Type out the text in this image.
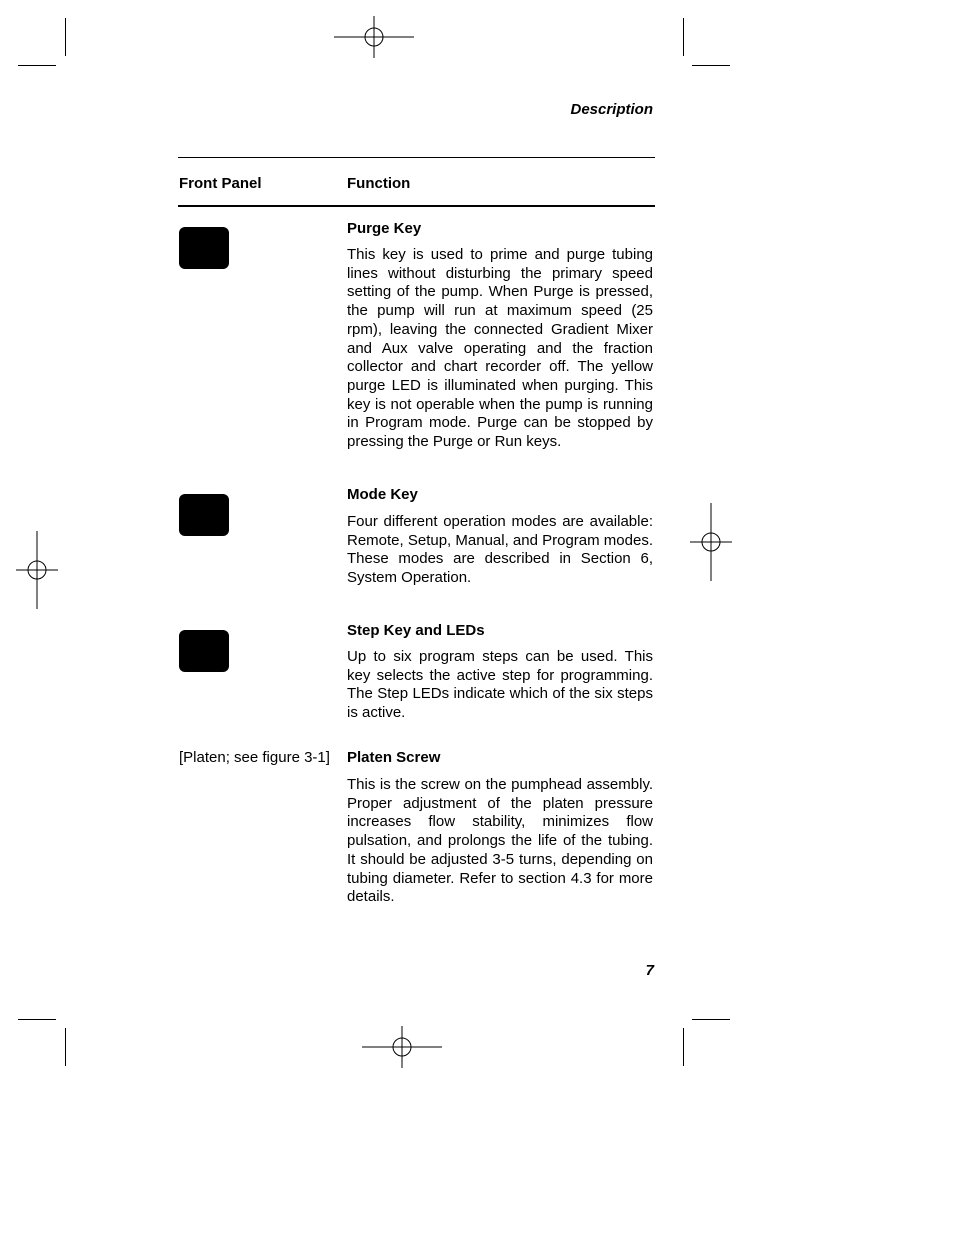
Description
Front Panel	Function
Purge Key
This key is used to prime and purge tubing lines without disturbing the primary speed setting of the pump. When Purge is pressed, the pump will run at maximum speed (25 rpm), leaving the connected Gradient Mixer and Aux valve operating and the fraction collector and chart recorder off. The yellow purge LED is illuminated when purging. This key is not operable when the pump is running in Program mode. Purge can be stopped by pressing the Purge or Run keys.
Mode Key
Four different operation modes are available: Remote, Setup, Manual, and Program modes. These modes are described in Section 6, System Operation.
Step Key and LEDs
Up to six program steps can be used. This key selects the active step for programming. The Step LEDs indicate which of the six steps is active.
[Platen; see figure 3-1] Platen Screw
This is the screw on the pumphead assembly. Proper adjustment of the platen pressure increases flow stability, minimizes flow pulsation, and prolongs the life of the tubing. It should be adjusted 3-5 turns, depending on tubing diameter. Refer to section 4.3 for more details.
7
